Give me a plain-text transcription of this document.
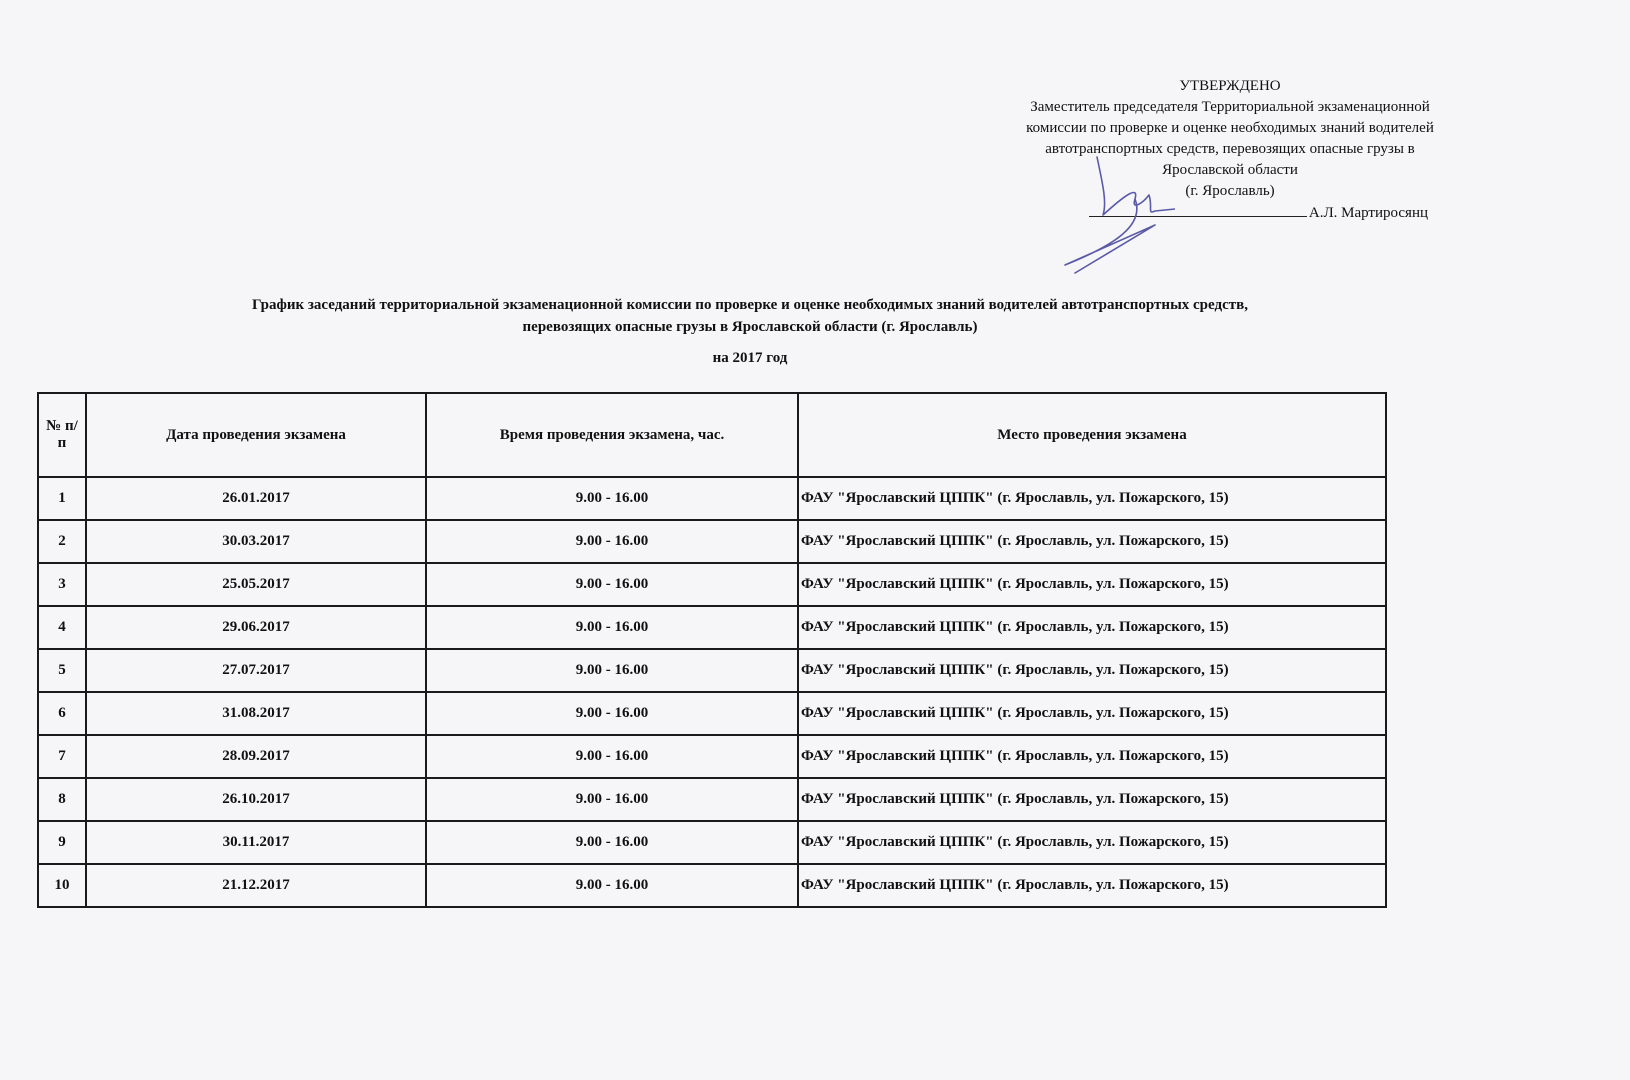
УТВЕРЖДЕНО
Заместитель председателя Территориальной экзаменационной
комиссии по проверке и оценке необходимых знаний водителей
автотранспортных средств, перевозящих опасные грузы в
Ярославской области
(г. Ярославль)
А.Л. Мартиросянц
График заседаний территориальной экзаменационной комиссии по проверке и оценке необходимых знаний водителей автотранспортных средств,
перевозящих опасные грузы в Ярославской области (г. Ярославль)
на 2017 год
№ п/п	Дата проведения экзамена	Время проведения экзамена, час.	Место проведения экзамена
1	26.01.2017	9.00 - 16.00	ФАУ "Ярославский ЦППК" (г. Ярославль, ул. Пожарского, 15)
2	30.03.2017	9.00 - 16.00	ФАУ "Ярославский ЦППК" (г. Ярославль, ул. Пожарского, 15)
3	25.05.2017	9.00 - 16.00	ФАУ "Ярославский ЦППК" (г. Ярославль, ул. Пожарского, 15)
4	29.06.2017	9.00 - 16.00	ФАУ "Ярославский ЦППК" (г. Ярославль, ул. Пожарского, 15)
5	27.07.2017	9.00 - 16.00	ФАУ "Ярославский ЦППК" (г. Ярославль, ул. Пожарского, 15)
6	31.08.2017	9.00 - 16.00	ФАУ "Ярославский ЦППК" (г. Ярославль, ул. Пожарского, 15)
7	28.09.2017	9.00 - 16.00	ФАУ "Ярославский ЦППК" (г. Ярославль, ул. Пожарского, 15)
8	26.10.2017	9.00 - 16.00	ФАУ "Ярославский ЦППК" (г. Ярославль, ул. Пожарского, 15)
9	30.11.2017	9.00 - 16.00	ФАУ "Ярославский ЦППК" (г. Ярославль, ул. Пожарского, 15)
10	21.12.2017	9.00 - 16.00	ФАУ "Ярославский ЦППК" (г. Ярославль, ул. Пожарского, 15)
